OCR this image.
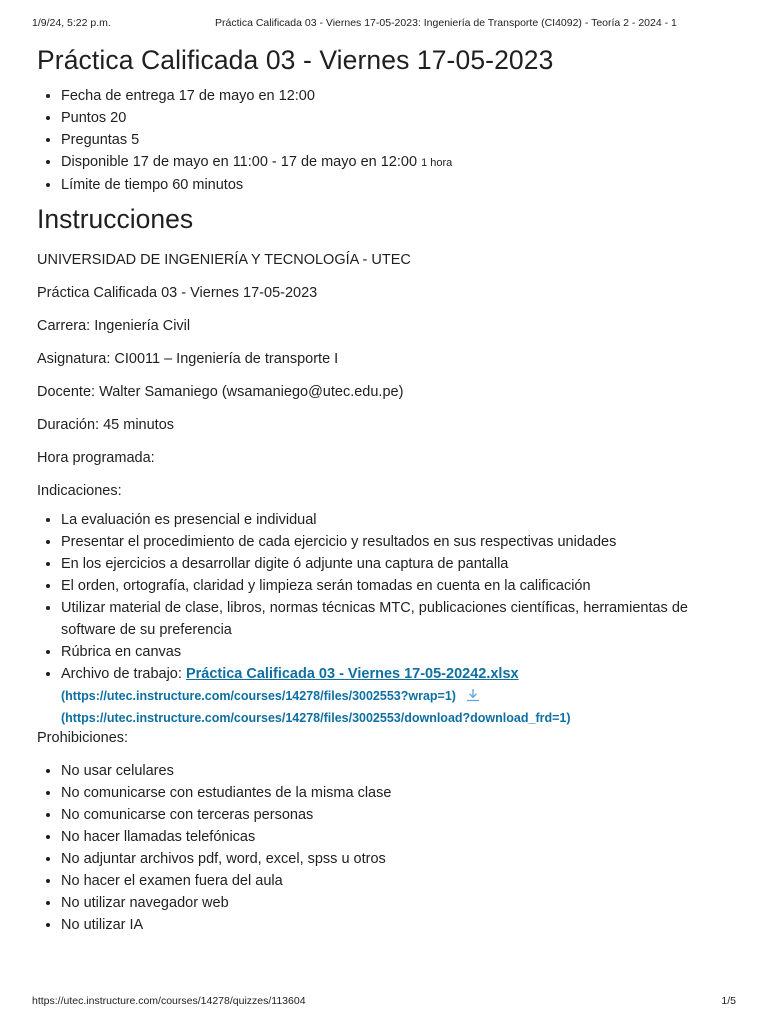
1/9/24, 5:22 p.m.	Práctica Calificada 03 - Viernes 17-05-2023: Ingeniería de Transporte (CI4092) - Teoría 2 - 2024 - 1
Práctica Calificada 03 - Viernes 17-05-2023
• Fecha de entrega 17 de mayo en 12:00
• Puntos 20
• Preguntas 5
• Disponible 17 de mayo en 11:00 - 17 de mayo en 12:00 1 hora
• Límite de tiempo 60 minutos
Instrucciones

UNIVERSIDAD DE INGENIERÍA Y TECNOLOGÍA - UTEC

Práctica Calificada 03 - Viernes 17-05-2023

Carrera: Ingeniería Civil

Asignatura: CI0011 – Ingeniería de transporte I

Docente: Walter Samaniego (wsamaniego@utec.edu.pe)

Duración: 45 minutos

Hora programada:

Indicaciones:

• La evaluación es presencial e individual
• Presentar el procedimiento de cada ejercicio y resultados en sus respectivas unidades
• En los ejercicios a desarrollar digite ó adjunte una captura de pantalla
• El orden, ortografía, claridad y limpieza serán tomadas en cuenta en la calificación
• Utilizar material de clase, libros, normas técnicas MTC, publicaciones científicas, herramientas de software de su preferencia
• Rúbrica en canvas
• Archivo de trabajo: Práctica Calificada 03 - Viernes 17-05-20242.xlsx
(https://utec.instructure.com/courses/14278/files/3002553?wrap=1)
(https://utec.instructure.com/courses/14278/files/3002553/download?download_frd=1)

Prohibiciones:

• No usar celulares
• No comunicarse con estudiantes de la misma clase
• No comunicarse con terceras personas
• No hacer llamadas telefónicas
• No adjuntar archivos pdf, word, excel, spss u otros
• No hacer el examen fuera del aula
• No utilizar navegador web
• No utilizar IA
https://utec.instructure.com/courses/14278/quizzes/113604	1/5
